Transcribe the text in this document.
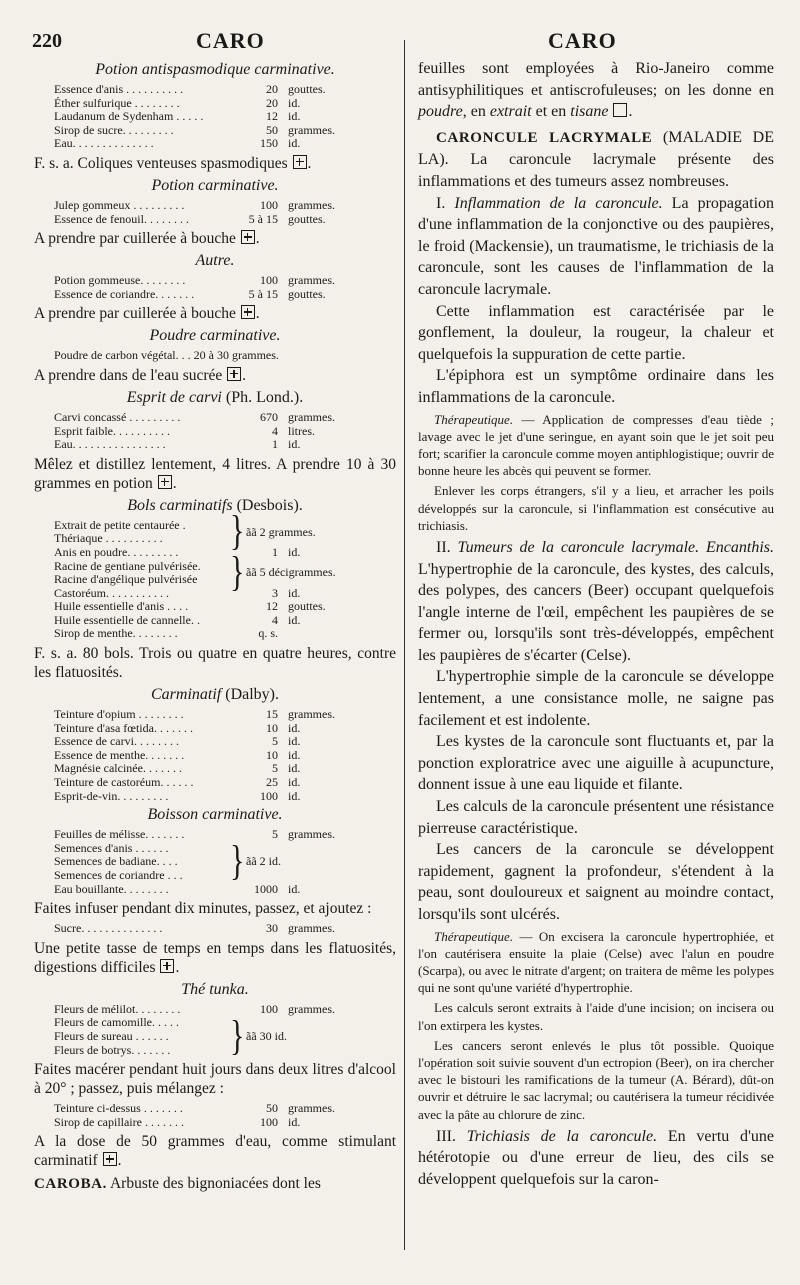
220	CARO	CARO
Potion antispasmodique carminative.
Essence d'anis . . . . . . . . . .	20 gouttes.
Éther sulfurique . . . . . . . .	20 id.
Laudanum de Sydenham . . . . .	12 id.
Sirop de sucre. . . . . . . . .	50 grammes.
Eau. . . . . . . . . . . . . .	150 id.

F. s. a. Coliques venteuses spasmodiques .

Potion carminative.
Julep gommeux . . . . . . . . .	100 grammes.
Essence de fenouil. . . . . . . .	5 à 15 gouttes.

A prendre par cuillerée à bouche .

Autre.
Potion gommeuse. . . . . . . .	100 grammes.
Essence de coriandre. . . . . . .	5 à 15 gouttes.

A prendre par cuillerée à bouche .

Poudre carminative.
Poudre de carbon végétal. . . 20 à 30 grammes.

A prendre dans de l'eau sucrée .

Esprit de carvi (Ph. Lond.).
Carvi concassé . . . . . . . . .	670 grammes.
Esprit faible. . . . . . . . . .	4 litres.
Eau. . . . . . . . . . . . . . . .	1 id.

Mêlez et distillez lentement, 4 litres. A prendre 10 à 30 grammes en potion .

Bols carminatifs (Desbois).
Extrait de petite centaurée .
Thériaque . . . . . . . . . .	} ãã 2 grammes.
Anis en poudre. . . . . . . . .	1 id.
Racine de gentiane pulvérisée.
Racine d'angélique pulvérisée	} ãã 5 décigrammes.
Castoréum. . . . . . . . . . .	3 id.
Huile essentielle d'anis . . . .	12 gouttes.
Huile essentielle de cannelle. .	4 id.
Sirop de menthe. . . . . . . .	q. s.

F. s. a. 80 bols. Trois ou quatre en quatre heures, contre les flatuosités.

Carminatif (Dalby).
Teinture d'opium . . . . . . . .	15 grammes.
Teinture d'asa fœtida. . . . . . .	10 id.
Essence de carvi. . . . . . . .	5 id.
Essence de menthe. . . . . . .	10 id.
Magnésie calcinée. . . . . . .	5 id.
Teinture de castoréum. . . . . .	25 id.
Esprit-de-vin. . . . . . . . .	100 id.
Boisson carminative.
Feuilles de mélisse. . . . . . .	5 grammes.
Semences d'anis . . . . . .
Semences de badiane. . . .
Semences de coriandre . . .	} ãã 2 id.
Eau bouillante. . . . . . . .	1000 id.

Faites infuser pendant dix minutes, passez, et ajoutez :

Sucre. . . . . . . . . . . . . .	30 grammes.

Une petite tasse de temps en temps dans les flatuosités, digestions difficiles .

Thé tunka.
Fleurs de mélilot. . . . . . . .	100 grammes.
Fleurs de camomille. . . . .
Fleurs de sureau . . . . . .
Fleurs de botrys. . . . . . .	} ãã 30 id.

Faites macérer pendant huit jours dans deux litres d'alcool à 20° ; passez, puis mélangez :

Teinture ci-dessus . . . . . . .	50 grammes.
Sirop de capillaire . . . . . . .	100 id.

A la dose de 50 grammes d'eau, comme stimulant carminatif .

CAROBA. Arbuste des bignoniacées dont les

feuilles sont employées à Rio-Janeiro comme antisyphilitiques et antiscrofuleuses; on les donne en poudre, en extrait et en tisane .

CARONCULE LACRYMALE (MALADIE DE LA). La caroncule lacrymale présente des inflammations et des tumeurs assez nombreuses.

I. Inflammation de la caroncule. La propagation d'une inflammation de la conjonctive ou des paupières, le froid (Mackensie), un traumatisme, le trichiasis de la caroncule, sont les causes de l'inflammation de la caroncule lacrymale.

Cette inflammation est caractérisée par le gonflement, la douleur, la rougeur, la chaleur et quelquefois la suppuration de cette partie.

L'épiphora est un symptôme ordinaire dans les inflammations de la caroncule.

Thérapeutique. — Application de compresses d'eau tiède ; lavage avec le jet d'une seringue, en ayant soin que le jet soit peu fort; scarifier la caroncule comme moyen antiphlogistique; ouvrir de bonne heure les abcès qui peuvent se former.

Enlever les corps étrangers, s'il y a lieu, et arracher les poils développés sur la caroncule, si l'inflammation est consécutive au trichiasis.

II. Tumeurs de la caroncule lacrymale. Encanthis. L'hypertrophie de la caroncule, des kystes, des calculs, des polypes, des cancers (Beer) occupant quelquefois l'angle interne de l'œil, empêchent les paupières de se fermer ou, lorsqu'ils sont très-développés, empêchent les paupières de s'écarter (Celse).

L'hypertrophie simple de la caroncule se développe lentement, a une consistance molle, ne saigne pas facilement et est indolente.

Les kystes de la caroncule sont fluctuants et, par la ponction exploratrice avec une aiguille à acupuncture, donnent issue à une eau liquide et filante.

Les calculs de la caroncule présentent une résistance pierreuse caractéristique.

Les cancers de la caroncule se développent rapidement, gagnent la profondeur, s'étendent à la peau, sont douloureux et saignent au moindre contact, lorsqu'ils sont ulcérés.

Thérapeutique. — On excisera la caroncule hypertrophiée, et l'on cautérisera ensuite la plaie (Celse) avec l'alun en poudre (Scarpa), ou avec le nitrate d'argent; on traitera de même les polypes qui ne sont qu'une variété d'hypertrophie.

Les calculs seront extraits à l'aide d'une incision; on incisera ou l'on extirpera les kystes.

Les cancers seront enlevés le plus tôt possible. Quoique l'opération soit suivie souvent d'un ectropion (Beer), on ira chercher avec le bistouri les ramifications de la tumeur (A. Bérard), dût-on ouvrir et détruire le sac lacrymal; ou cautérisera la tumeur récidivée avec la pâte au chlorure de zinc.

III. Trichiasis de la caroncule. En vertu d'une hétérotopie ou d'une erreur de lieu, des cils se développent quelquefois sur la caron-
